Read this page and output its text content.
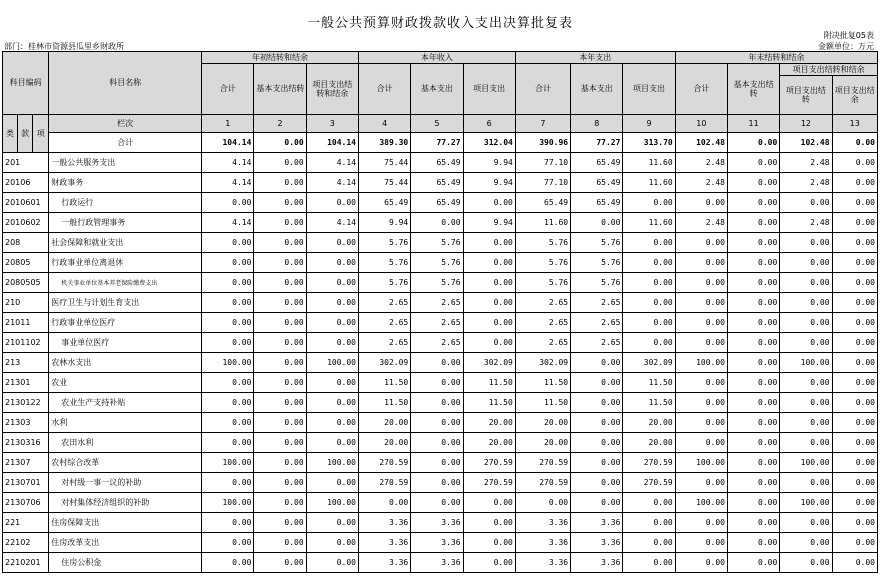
一般公共预算财政拨款收入支出决算批复表
附决批复05表
部门：桂林市资源县瓜里乡财政所	金额单位：万元
科目编码			科目名称	年初结转和结余			本年收入			本年支出			年末结转和结余			
				合计	基本支出结转	项目支出结转和结余	合计	基本支出	项目支出	合计	基本支出	项目支出	合计	基本支出结转	项目支出结转和结余	
															项目支出结转	项目支出结余
类	款	项	栏次	1	2	3	4	5	6	7	8	9	10	11	12	13
			合计	104.14	0.00	104.14	389.30	77.27	312.04	390.96	77.27	313.70	102.48	0.00	102.48	0.00
201			一般公共服务支出	4.14	0.00	4.14	75.44	65.49	9.94	77.10	65.49	11.60	2.48	0.00	2.48	0.00
20106			财政事务	4.14	0.00	4.14	75.44	65.49	9.94	77.10	65.49	11.60	2.48	0.00	2.48	0.00
2010601			行政运行	0.00	0.00	0.00	65.49	65.49	0.00	65.49	65.49	0.00	0.00	0.00	0.00	0.00
2010602			一般行政管理事务	4.14	0.00	4.14	9.94	0.00	9.94	11.60	0.00	11.60	2.48	0.00	2.48	0.00
208			社会保障和就业支出	0.00	0.00	0.00	5.76	5.76	0.00	5.76	5.76	0.00	0.00	0.00	0.00	0.00
20805			行政事业单位离退休	0.00	0.00	0.00	5.76	5.76	0.00	5.76	5.76	0.00	0.00	0.00	0.00	0.00
2080505			机关事业单位基本养老保险缴费支出	0.00	0.00	0.00	5.76	5.76	0.00	5.76	5.76	0.00	0.00	0.00	0.00	0.00
210			医疗卫生与计划生育支出	0.00	0.00	0.00	2.65	2.65	0.00	2.65	2.65	0.00	0.00	0.00	0.00	0.00
21011			行政事业单位医疗	0.00	0.00	0.00	2.65	2.65	0.00	2.65	2.65	0.00	0.00	0.00	0.00	0.00
2101102			事业单位医疗	0.00	0.00	0.00	2.65	2.65	0.00	2.65	2.65	0.00	0.00	0.00	0.00	0.00
213			农林水支出	100.00	0.00	100.00	302.09	0.00	302.09	302.09	0.00	302.09	100.00	0.00	100.00	0.00
21301			农业	0.00	0.00	0.00	11.50	0.00	11.50	11.50	0.00	11.50	0.00	0.00	0.00	0.00
2130122			农业生产支持补贴	0.00	0.00	0.00	11.50	0.00	11.50	11.50	0.00	11.50	0.00	0.00	0.00	0.00
21303			水利	0.00	0.00	0.00	20.00	0.00	20.00	20.00	0.00	20.00	0.00	0.00	0.00	0.00
2130316			农田水利	0.00	0.00	0.00	20.00	0.00	20.00	20.00	0.00	20.00	0.00	0.00	0.00	0.00
21307			农村综合改革	100.00	0.00	100.00	270.59	0.00	270.59	270.59	0.00	270.59	100.00	0.00	100.00	0.00
2130701			对村级一事一议的补助	0.00	0.00	0.00	270.59	0.00	270.59	270.59	0.00	270.59	0.00	0.00	0.00	0.00
2130706			对村集体经济组织的补助	100.00	0.00	100.00	0.00	0.00	0.00	0.00	0.00	0.00	100.00	0.00	100.00	0.00
221			住房保障支出	0.00	0.00	0.00	3.36	3.36	0.00	3.36	3.36	0.00	0.00	0.00	0.00	0.00
22102			住房改革支出	0.00	0.00	0.00	3.36	3.36	0.00	3.36	3.36	0.00	0.00	0.00	0.00	0.00
2210201			住房公积金	0.00	0.00	0.00	3.36	3.36	0.00	3.36	3.36	0.00	0.00	0.00	0.00	0.00
